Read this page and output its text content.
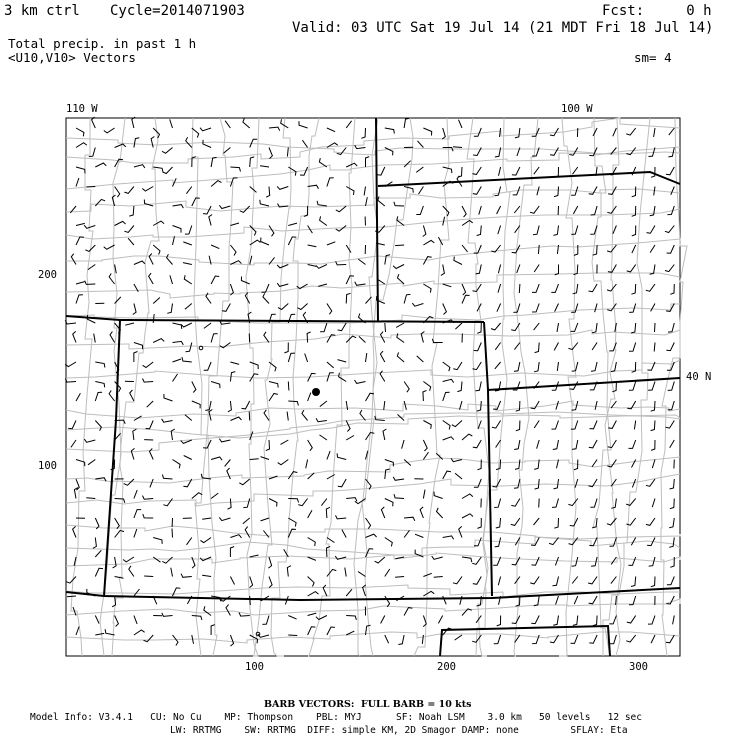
3 km ctrl Cycle=2014071903	Fcst:     0 h
Valid: 03 UTC Sat 19 Jul 14 (21 MDT Fri 18 Jul 14)
Total precip. in past 1 h
<U10,V10> Vectors	sm= 4
110 W	100 W
40 N
200
100
100	200	300
BARB VECTORS:  FULL BARB = 10 kts
Model Info: V3.4.1   CU: No Cu    MP: Thompson    PBL: MYJ      SF: Noah LSM    3.0 km   50 levels   12 sec
LW: RRTMG    SW: RRTMG  DIFF: simple KM, 2D Smagor DAMP: none         SFLAY: Eta
